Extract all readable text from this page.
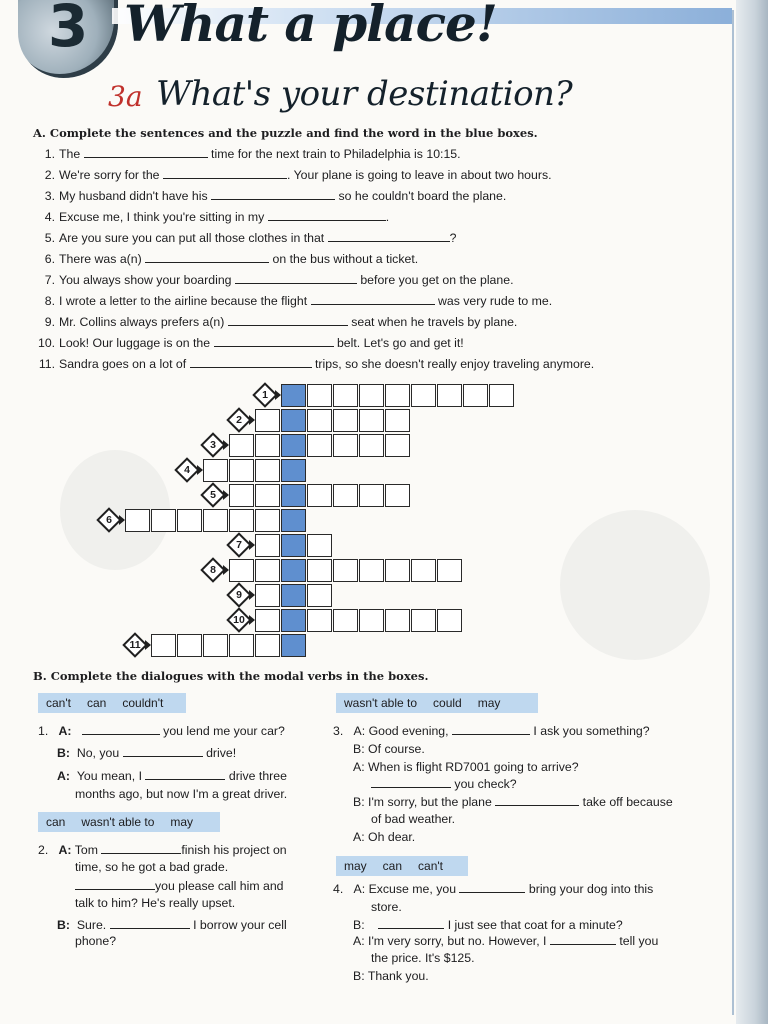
3 What a place!
3a What's your destination?
A. Complete the sentences and the puzzle and find the word in the blue boxes.
1. The	time for the next train to Philadelphia is 10:15.
2. We're sorry for the	. Your plane is going to leave in about two hours.
3. My husband didn't have his	so he couldn't board the plane.
4. Excuse me, I think you're sitting in my	.
5. Are you sure you can put all those clothes in that	?
6. There was a(n)	on the bus without a ticket.
7. You always show your boarding	before you get on the plane.
8. I wrote a letter to the airline because the flight	was very rude to me.
9. Mr. Collins always prefers a(n)	seat when he travels by plane.
10. Look! Our luggage is on the	belt. Let's go and get it!
11. Sandra goes on a lot of	trips, so she doesn't really enjoy traveling anymore.
1
2
3
4
5
6
7
8
9
10
11
B. Complete the dialogues with the modal verbs in the boxes.
can't can couldn't	wasn't able to could may
can wasn't able to may
may can can't
1. A:	you lend me your car?
B: No, you	drive!
A: You mean, I	drive three
months ago, but now I'm a great driver.
2. A: Tom	finish his project on
time, so he got a bad grade.
you please call him and
talk to him? He's really upset.
B: Sure.	I borrow your cell
phone?
3. A: Good evening,	I ask you something?
B: Of course.
A: When is flight RD7001 going to arrive?
you check?
B: I'm sorry, but the plane	take off because
of bad weather.
A: Oh dear.
4. A: Excuse me, you	bring your dog into this
store.
B:	I just see that coat for a minute?
A: I'm very sorry, but no. However, I	tell you
the price. It's $125.
B: Thank you.
